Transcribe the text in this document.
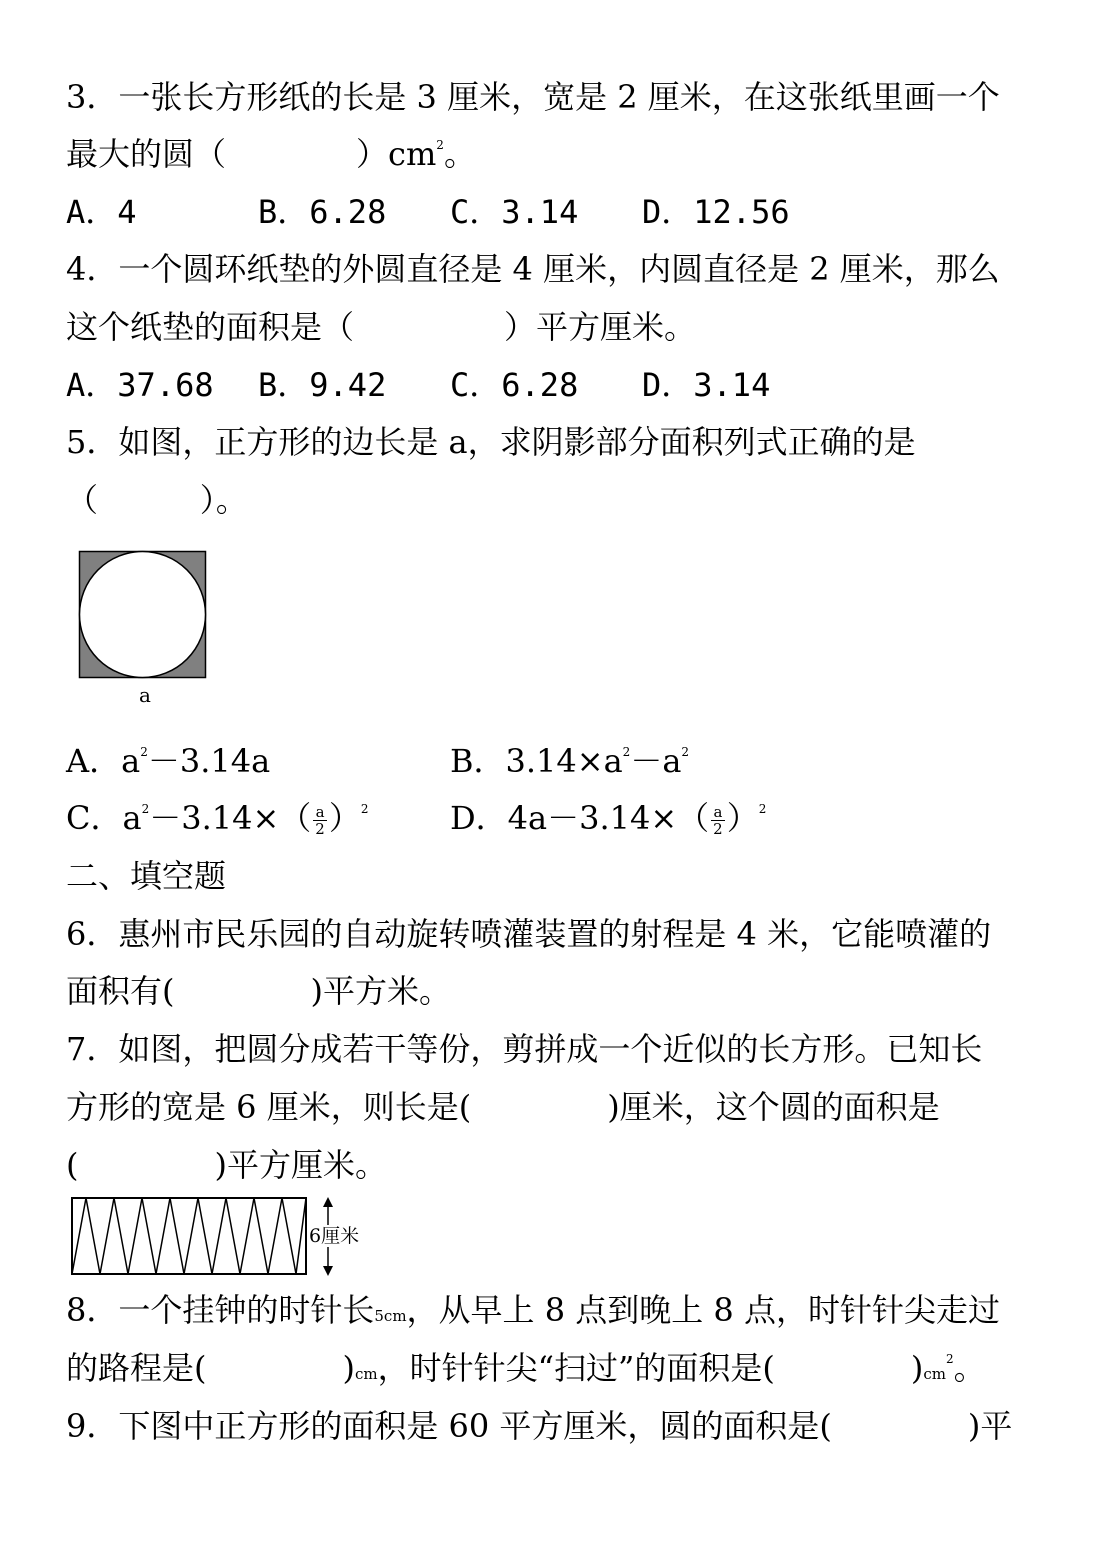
3．一张长方形纸的长是 3 厘米，宽是 2 厘米，在这张纸里画一个
最大的圆（	）$cm^2$。
A．4	B．6.28 C．3.14 D．12.56
4．一个圆环纸垫的外圆直径是 4 厘米，内圆直径是 2 厘米，那么
这个纸垫的面积是（	）平方厘米。
A．37.68 B．9.42 C．6.28 D．3.14
5．如图，正方形的边长是 a，求阴影部分面积列式正确的是
（          ）。
a
A．$a^2-3.14a$	B．$3.14\times a^2-a^2$
C．$a^2-3.14\times( \frac{a}{2} )^2$	D．$4a-3.14\times( \frac{a}{2} )^2$
二、填空题
6．惠州市民乐园的自动旋转喷灌装置的射程是 4 米，它能喷灌的
面积有(	)平方米。
7．如图，把圆分成若干等份，剪拼成一个近似的长方形。已知长
方形的宽是 6 厘米，则长是(	)厘米，这个圆的面积是
(	)平方厘米。
6厘米
8．一个挂钟的时针长5cm，从早上 8 点到晚上 8 点，时针针尖走过
的路程是(	)cm，时针针尖“扫过”的面积是(	)$cm^2$。
9．下图中正方形的面积是 60 平方厘米，圆的面积是(	)平
